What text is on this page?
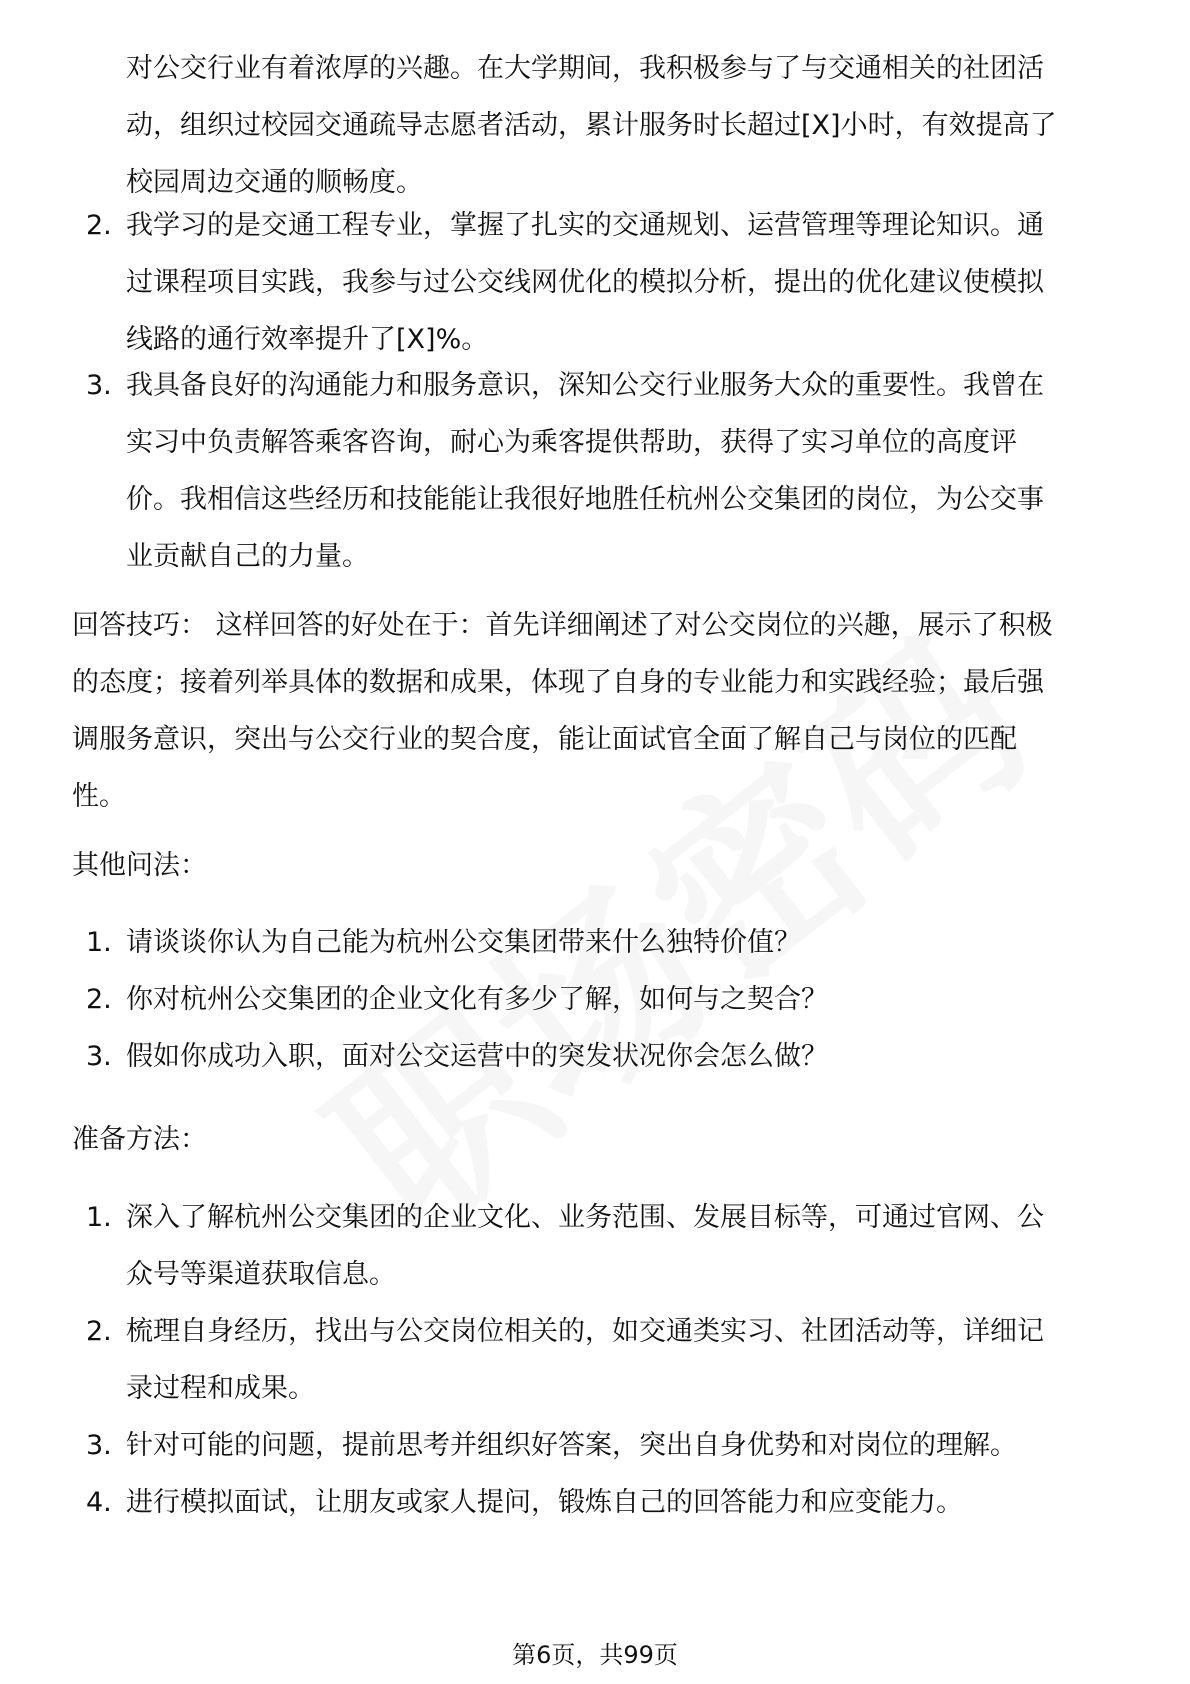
对公交行业有着浓厚的兴趣。在大学期间，我积极参与了与交通相关的社团活
动，组织过校园交通疏导志愿者活动，累计服务时长超过[X]小时，有效提高了
校园周边交通的顺畅度。
2. 我学习的是交通工程专业，掌握了扎实的交通规划、运营管理等理论知识。通
过课程项目实践，我参与过公交线网优化的模拟分析，提出的优化建议使模拟
线路的通行效率提升了[X]%。
3. 我具备良好的沟通能力和服务意识，深知公交行业服务大众的重要性。我曾在
实习中负责解答乘客咨询，耐心为乘客提供帮助，获得了实习单位的高度评
价。我相信这些经历和技能能让我很好地胜任杭州公交集团的岗位，为公交事
业贡献自己的力量。
回答技巧： 这样回答的好处在于：首先详细阐述了对公交岗位的兴趣，展示了积极
的态度；接着列举具体的数据和成果，体现了自身的专业能力和实践经验；最后强
调服务意识，突出与公交行业的契合度，能让面试官全面了解自己与岗位的匹配
性。
其他问法：
1. 请谈谈你认为自己能为杭州公交集团带来什么独特价值？
2. 你对杭州公交集团的企业文化有多少了解，如何与之契合？
3. 假如你成功入职，面对公交运营中的突发状况你会怎么做？
准备方法：
1. 深入了解杭州公交集团的企业文化、业务范围、发展目标等，可通过官网、公
众号等渠道获取信息。
2. 梳理自身经历，找出与公交岗位相关的，如交通类实习、社团活动等，详细记
录过程和成果。
3. 针对可能的问题，提前思考并组织好答案，突出自身优势和对岗位的理解。
4. 进行模拟面试，让朋友或家人提问，锻炼自己的回答能力和应变能力。
第6页，共99页
